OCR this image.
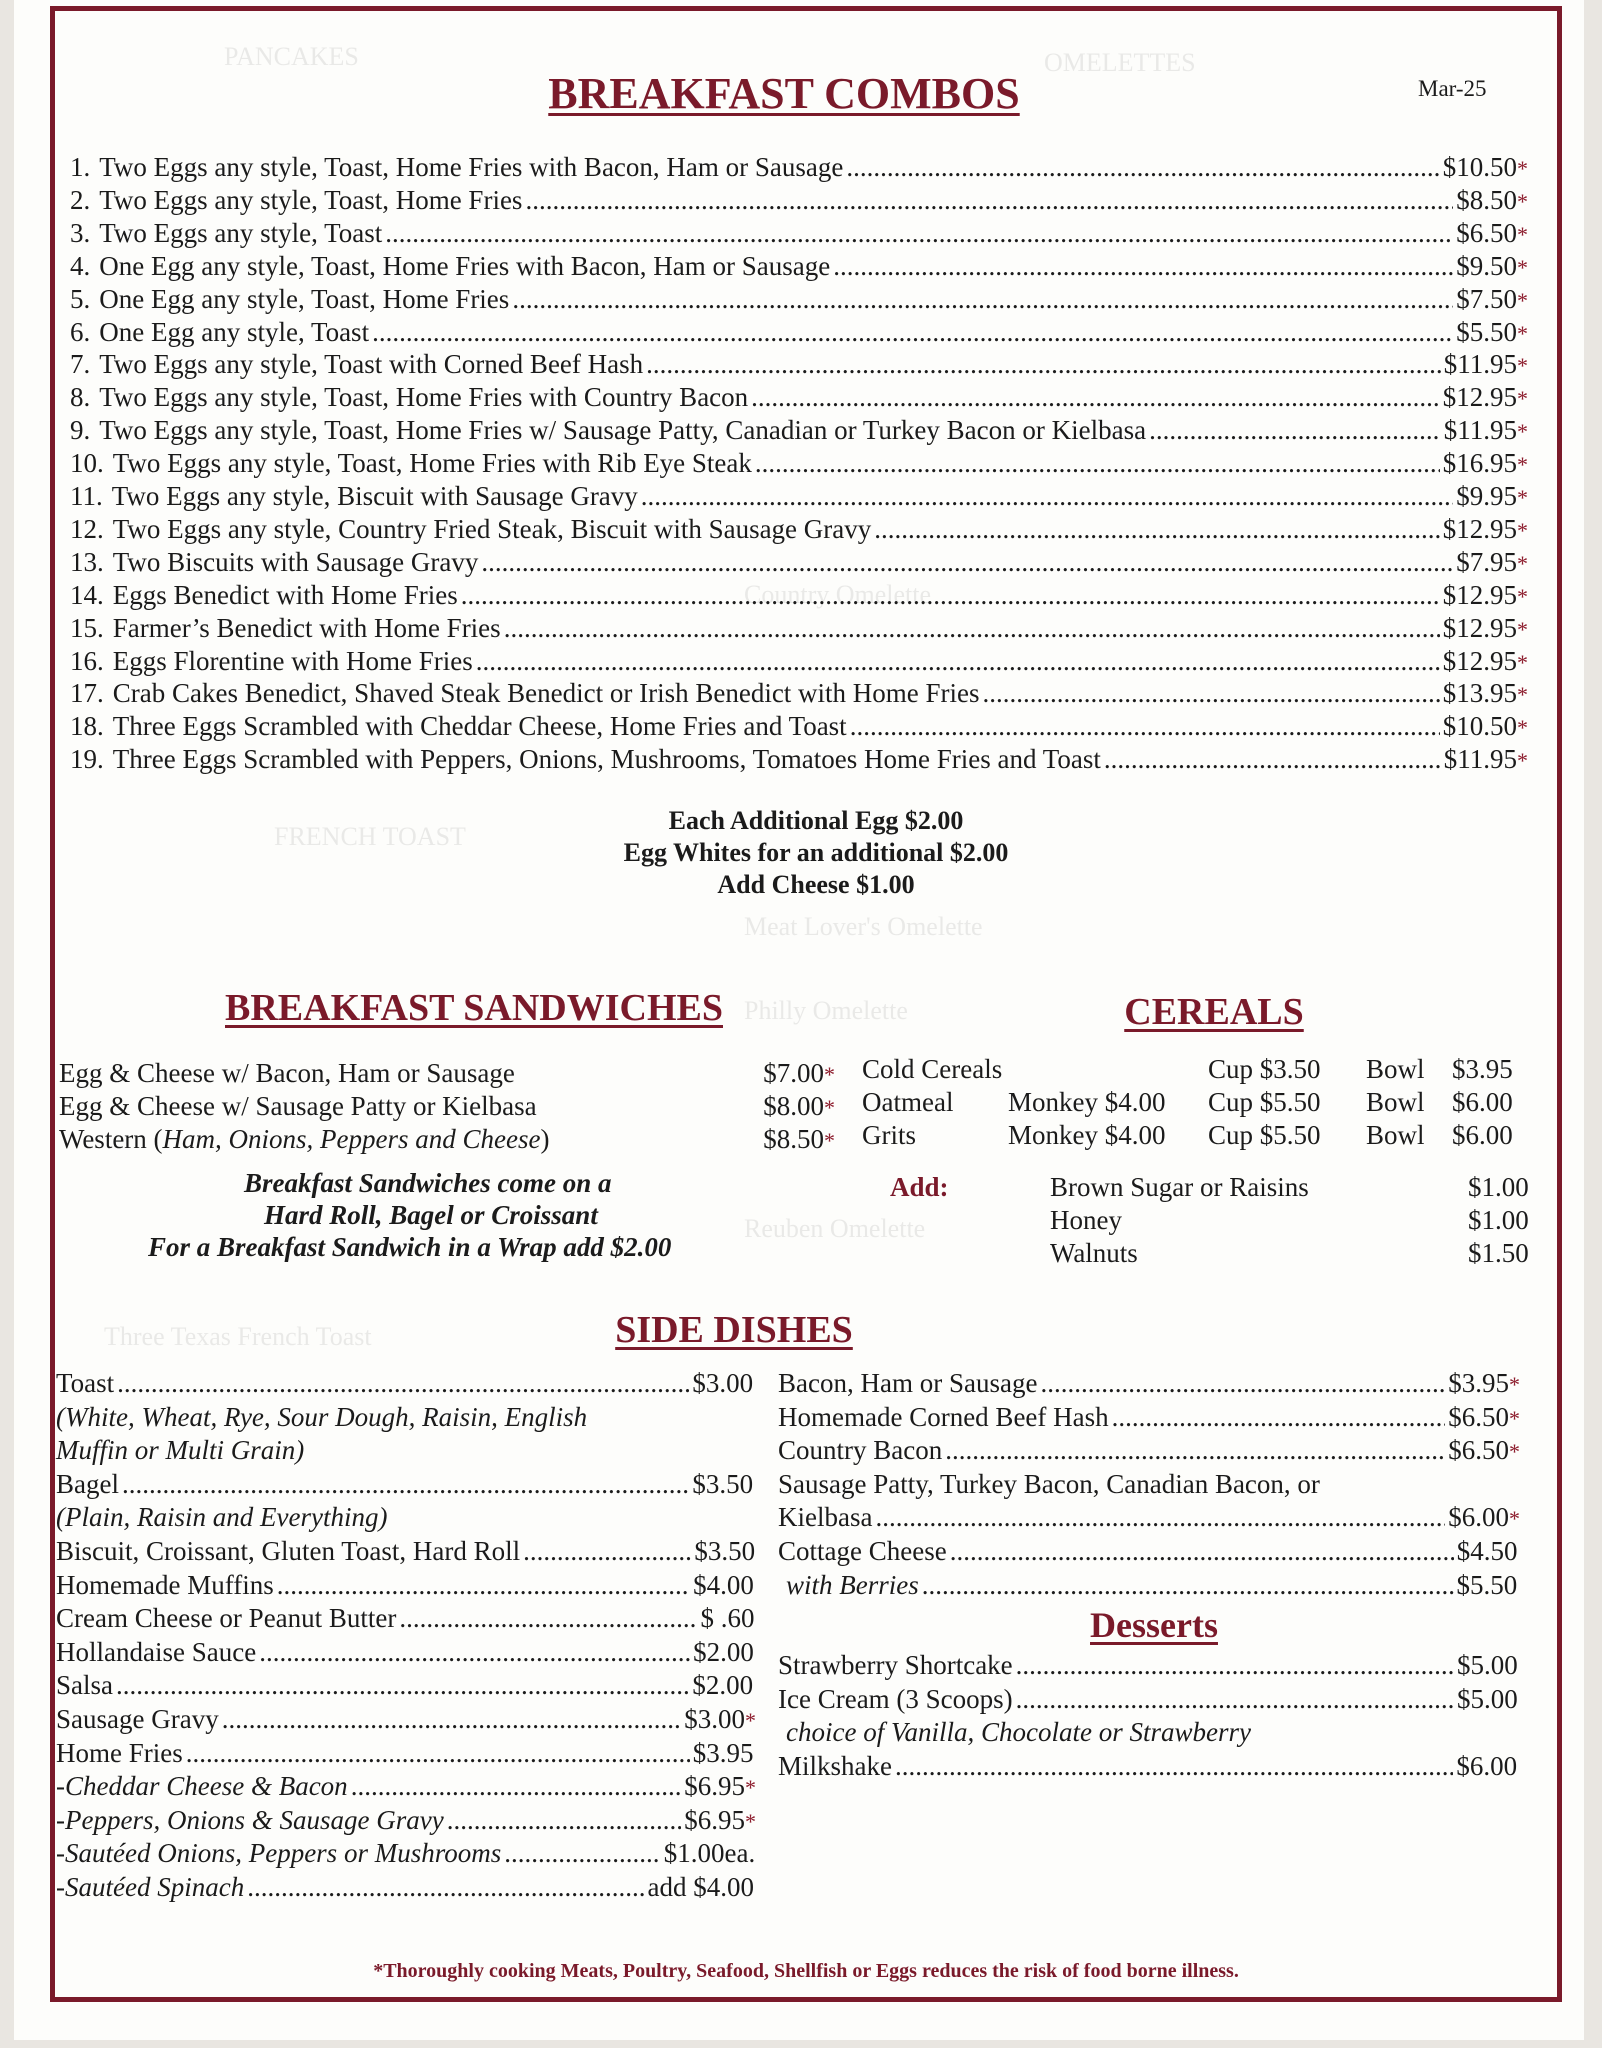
PANCAKES	OMELETTES
FRENCH TOAST
Three Texas French Toast
Meat Lover's Omelette
Philly Omelette
Country Omelette
Reuben Omelette
Mar-25
BREAKFAST COMBOS
1. Two Eggs any style, Toast, Home Fries with Bacon, Ham or Sausage .....	$10.50 *
2. Two Eggs any style, Toast, Home Fries .....	$8.50 *
3. Two Eggs any style, Toast .....	$6.50 *
4. One Egg any style, Toast, Home Fries with Bacon, Ham or Sausage .....	$9.50 *
5. One Egg any style, Toast, Home Fries .....	$7.50 *
6. One Egg any style, Toast .....	$5.50 *
7. Two Eggs any style, Toast with Corned Beef Hash .....	$11.95 *
8. Two Eggs any style, Toast, Home Fries with Country Bacon .....	$12.95 *
9. Two Eggs any style, Toast, Home Fries w/ Sausage Patty, Canadian or Turkey Bacon or Kielbasa .....	$11.95 *
10. Two Eggs any style, Toast, Home Fries with Rib Eye Steak .....	$16.95 *
11. Two Eggs any style, Biscuit with Sausage Gravy .....	$9.95 *
12. Two Eggs any style, Country Fried Steak, Biscuit with Sausage Gravy .....	$12.95 *
13. Two Biscuits with Sausage Gravy .....	$7.95 *
14. Eggs Benedict with Home Fries .....	$12.95 *
15. Farmer’s Benedict with Home Fries .....	$12.95 *
16. Eggs Florentine with Home Fries .....	$12.95 *
17. Crab Cakes Benedict, Shaved Steak Benedict or Irish Benedict with Home Fries .....	$13.95 *
18. Three Eggs Scrambled with Cheddar Cheese, Home Fries and Toast .....	$10.50 *
19. Three Eggs Scrambled with Peppers, Onions, Mushrooms, Tomatoes Home Fries and Toast .....	$11.95 *
Each Additional Egg $2.00
Egg Whites for an additional $2.00
Add Cheese $1.00
BREAKFAST SANDWICHES
Egg & Cheese w/ Bacon, Ham or Sausage	$7.00 *
Egg & Cheese w/ Sausage Patty or Kielbasa	$8.00 *
Western ( Ham, Onions, Peppers and Cheese )	$8.50 *
Breakfast Sandwiches come on a
Hard Roll, Bagel or Croissant
For a Breakfast Sandwich in a Wrap add $2.00
CEREALS
Cold Cereals	Cup $3.50 Bowl $3.95
Oatmeal Monkey $4.00 Cup $5.50 Bowl $6.00
Grits	Monkey $4.00 Cup $5.50 Bowl $6.00
Add:	Brown Sugar or Raisins	$1.00
Honey	$1.00
Walnuts	$1.50
SIDE DISHES
Toast .....	$3.00
(White, Wheat, Rye, Sour Dough, Raisin, English
Muffin or Multi Grain)
Bagel .....	$3.50
(Plain, Raisin and Everything)
Biscuit, Croissant, Gluten Toast, Hard Roll .....	$3.50
Homemade Muffins .....	$4.00
Cream Cheese or Peanut Butter .....	$ .60
Hollandaise Sauce .....	$2.00
Salsa .....	$2.00
Sausage Gravy .....	$3.00 *
Home Fries .....	$3.95
-Cheddar Cheese & Bacon .....	$6.95 *
-Peppers, Onions & Sausage Gravy .....	$6.95 *
-Sautéed Onions, Peppers or Mushrooms .....	$1.00ea.
-Sautéed Spinach .....	add $4.00
Bacon, Ham or Sausage .....	$3.95 *
Homemade Corned Beef Hash .....	$6.50 *
Country Bacon .....	$6.50 *
Sausage Patty, Turkey Bacon, Canadian Bacon, or
Kielbasa .....	$6.00 *
Cottage Cheese .....	$4.50
with Berries .....	$5.50
Desserts
Strawberry Shortcake .....	$5.00
Ice Cream (3 Scoops) .....	$5.00
choice of Vanilla, Chocolate or Strawberry
Milkshake .....	$6.00
*Thoroughly cooking Meats, Poultry, Seafood, Shellfish or Eggs reduces the risk of food borne illness.
